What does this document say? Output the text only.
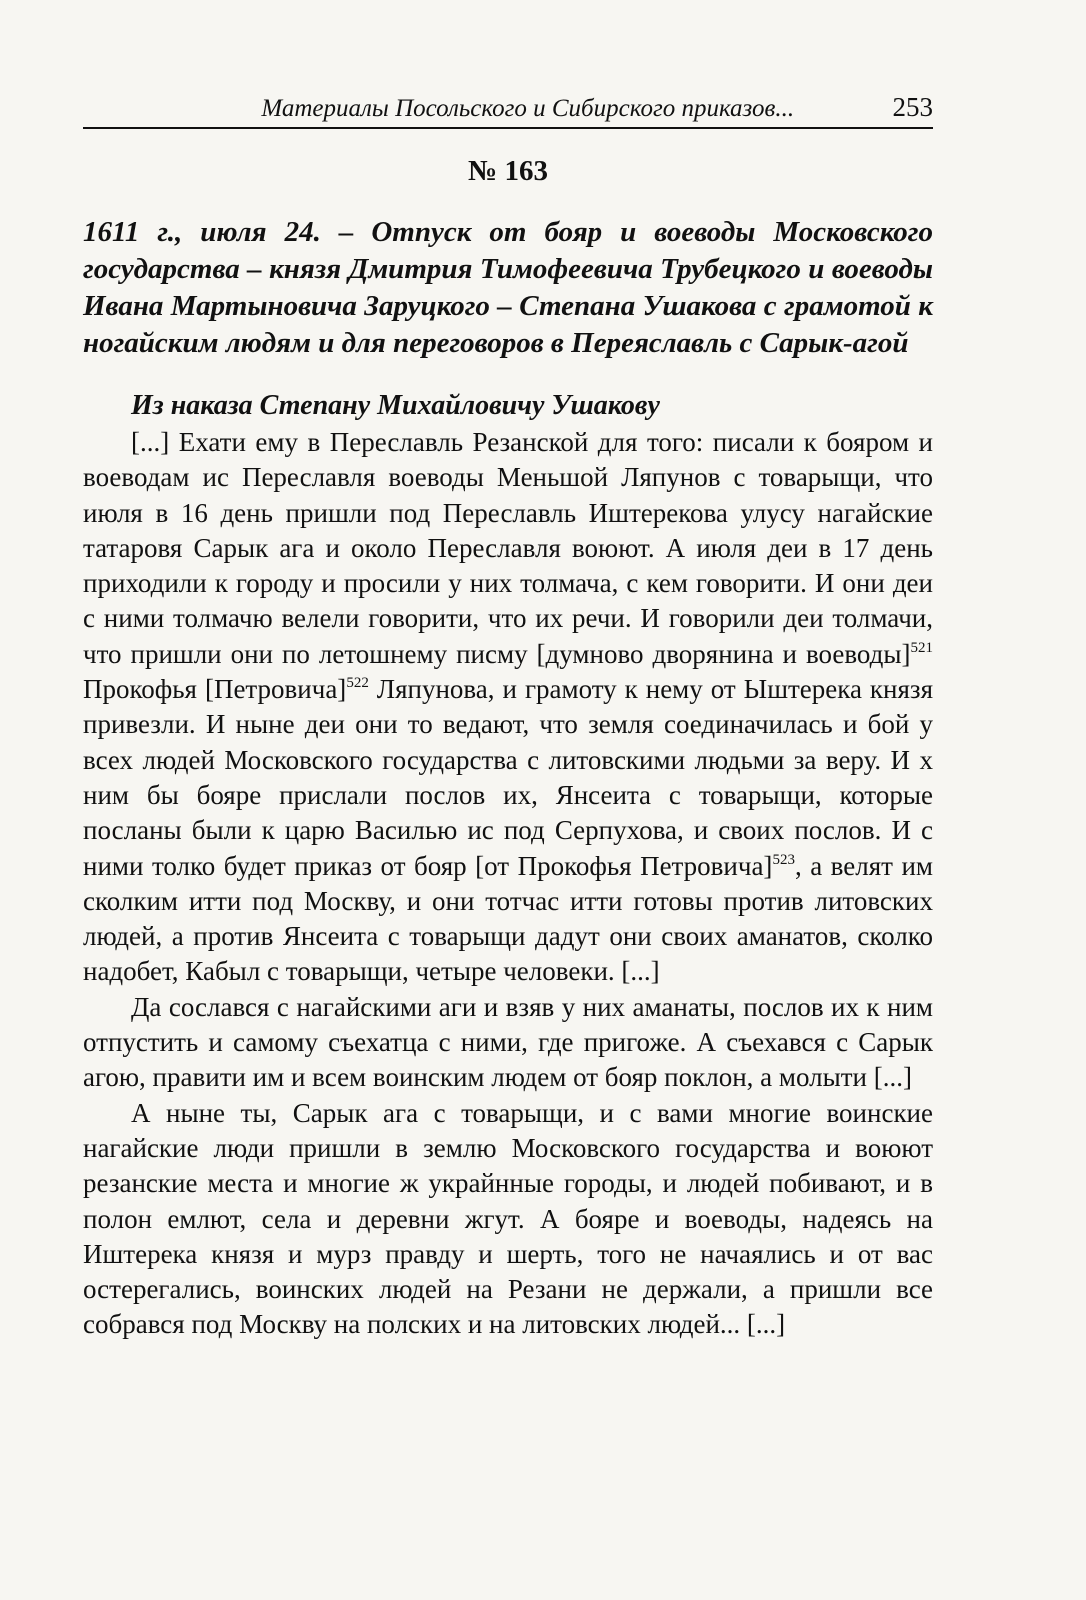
Материалы Посольского и Сибирского приказов...	253
№ 163
1611 г., июля 24. – Отпуск от бояр и воеводы Московского государства – князя Дмитрия Тимофеевича Трубецкого и воеводы Ивана Мартыновича Заруцкого – Степана Ушакова с грамотой к ногайским людям и для переговоров в Переяславль с Сарык-агой
Из наказа Степану Михайловичу Ушакову

[...] Ехати ему в Переславль Резанской для того: писали к бояром и воеводам ис Переславля воеводы Меньшой Ляпунов с товарыщи, что июля в 16 день пришли под Переславль Иштерекова улусу нагайские татаровя Сарык ага и около Переславля воюют. А июля деи в 17 день приходили к городу и просили у них толмача, с кем говорити. И они деи с ними толмачю велели говорити, что их речи. И говорили деи толмачи, что пришли они по летошнему писму [думново дворянина и воеводы]$^{521}$ Прокофья [Петровича]$^{522}$ Ляпунова, и грамоту к нему от Ыштерека князя привезли. И ныне деи они то ведают, что земля соединачилась и бой у всех людей Московского государства с литовскими людьми за веру. И х ним бы бояре прислали послов их, Янсеита с товарыщи, которые посланы были к царю Василью ис под Серпухова, и своих послов. И с ними толко будет приказ от бояр [от Прокофья Петровича]$^{523}$, а велят им сколким итти под Москву, и они тотчас итти готовы против литовских людей, а против Янсеита с товарыщи дадут они своих аманатов, сколко надобет, Кабыл с товарыщи, четыре человеки. [...]

Да сослався с нагайскими аги и взяв у них аманаты, послов их к ним отпустить и самому съехатца с ними, где пригоже. А съехався с Сарык агою, правити им и всем воинским людем от бояр поклон, а молыти [...]

А ныне ты, Сарык ага с товарыщи, и с вами многие воинские нагайские люди пришли в землю Московского государства и воюют резанские места и многие ж украйнные городы, и людей побивают, и в полон емлют, села и деревни жгут. А бояре и воеводы, надеясь на Иштерека князя и мурз правду и шерть, того не начаялись и от вас остерегались, воинских людей на Резани не держали, а пришли все собрався под Москву на полских и на литовских людей... [...]
